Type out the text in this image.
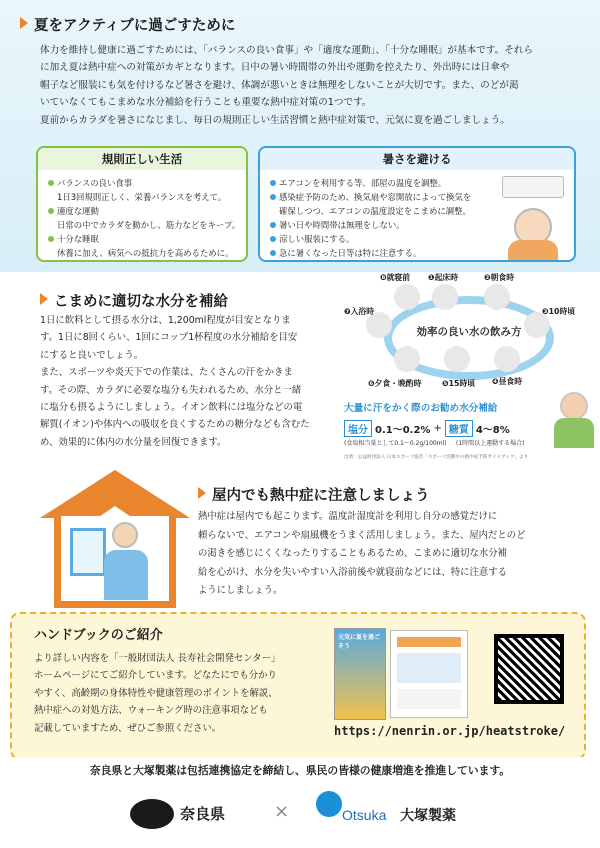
夏をアクティブに過ごすために
体力を維持し健康に過ごすためには、「バランスの良い食事」や「適度な運動」、「十分な睡眠」が基本です。それら
に加え夏は熱中症への対策がカギとなります。日中の暑い時間帯の外出や運動を控えたり、外出時には日傘や
帽子など服装にも気を付けるなど暑さを避け、体調が悪いときは無理をしないことが大切です。また、のどが渇
いていなくてもこまめな水分補給を行うことも重要な熱中症対策の1つです。
夏前からカラダを暑さになじまし、毎日の規則正しい生活習慣と熱中症対策で、元気に夏を過ごしましょう。
規則正しい生活
バランスの良い食事
1日3回規則正しく、栄養バランスを考えて。
適度な運動
日常の中でカラダを動かし、筋力などをキープ。
十分な睡眠
休養に加え、病気への抵抗力を高めるために。
暑さを避ける
エアコンを利用する等、部屋の温度を調整。
感染症予防のため、換気扇や窓開放によって換気を
確保しつつ、エアコンの温度設定をこまめに調整。
暑い日や時間帯は無理をしない。
涼しい服装にする。
急に暑くなった日等は特に注意する。
こまめに適切な水分を補給
1日に飲料として摂る水分は、1,200ml程度が目安となりま
す。1日に8回くらい、1回にコップ1杯程度の水分補給を目安
にすると良いでしょう。
また、スポーツや炎天下での作業は、たくさんの汗をかきま
す。その際、カラダに必要な塩分も失われるため、水分と一緒
に塩分も摂るようにしましょう。イオン飲料には塩分などの電
解質(イオン)や体内への吸収を良くするための糖分なども含むた
め、効果的に体内の水分量を回復できます。
効率の良い水の飲み方
❶起床時	❷朝食時
❸10時頃
❹昼食時
❺15時頃
❻夕食・晩酌時
❼入浴時
❽就寝前
大量に汗をかく際のお勧め水分補給
塩分 0.1～0.2% + 糖質 4～8%
(食塩相当量として0.1～0.2g/100ml) (1時間以上運動する場合)
出典：公益財団法人 日本スポーツ協会「スポーツ活動中の熱中症予防ガイドブック」より
屋内でも熱中症に注意しましょう
熱中症は屋内でも起こります。温度計湿度計を利用し自分の感覚だけに
頼らないで、エアコンや扇風機をうまく活用しましょう。また、屋内だとのど
の渇きを感じにくくなったりすることもあるため、こまめに適切な水分補
給を心がけ、水分を失いやすい入浴前後や就寝前などには、特に注意する
ようにしましょう。
ハンドブックのご紹介
より詳しい内容を「一般財団法人 長寿社会開発センター」
ホームページにてご紹介しています。どなたにでも分かり
やすく、高齢期の身体特性や健康管理のポイントを解説、
熱中症への対処方法、ウォーキング時の注意事項なども
記載していますため、ぜひご参照ください。
元気に夏を過ごそう
https://nenrin.or.jp/heatstroke/
奈良県と大塚製薬は包括連携協定を締結し、県民の皆様の健康増進を推進しています。
奈良県	×	Otsuka 大塚製薬
